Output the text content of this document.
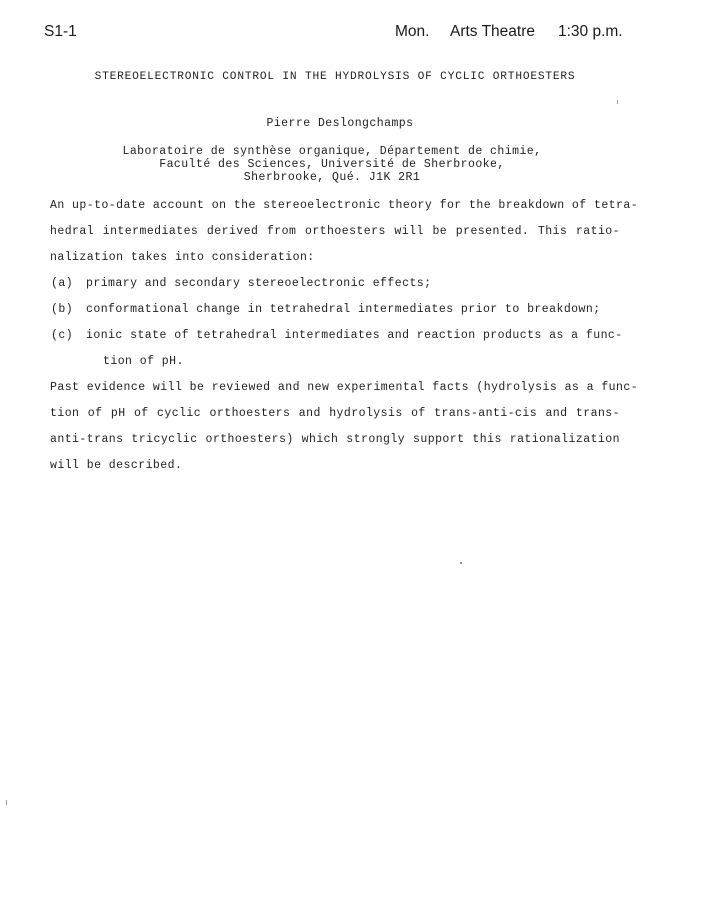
S1-1	Mon. Arts Theatre 1:30 p.m.
STEREOELECTRONIC CONTROL IN THE HYDROLYSIS OF CYCLIC ORTHOESTERS
Pierre Deslongchamps
Laboratoire de synthèse organique, Département de chimie,
Faculté des Sciences, Université de Sherbrooke,
Sherbrooke, Qué. J1K 2R1
An up-to-date account on the stereoelectronic theory for the breakdown of tetra-
hedral intermediates derived from orthoesters will be presented. This ratio-
nalization takes into consideration:
(a) primary and secondary stereoelectronic effects;
(b) conformational change in tetrahedral intermediates prior to breakdown;
(c) ionic state of tetrahedral intermediates and reaction products as a func-
tion of pH.
Past evidence will be reviewed and new experimental facts (hydrolysis as a func-
tion of pH of cyclic orthoesters and hydrolysis of trans-anti-cis and trans-
anti-trans tricyclic orthoesters) which strongly support this rationalization
will be described.
